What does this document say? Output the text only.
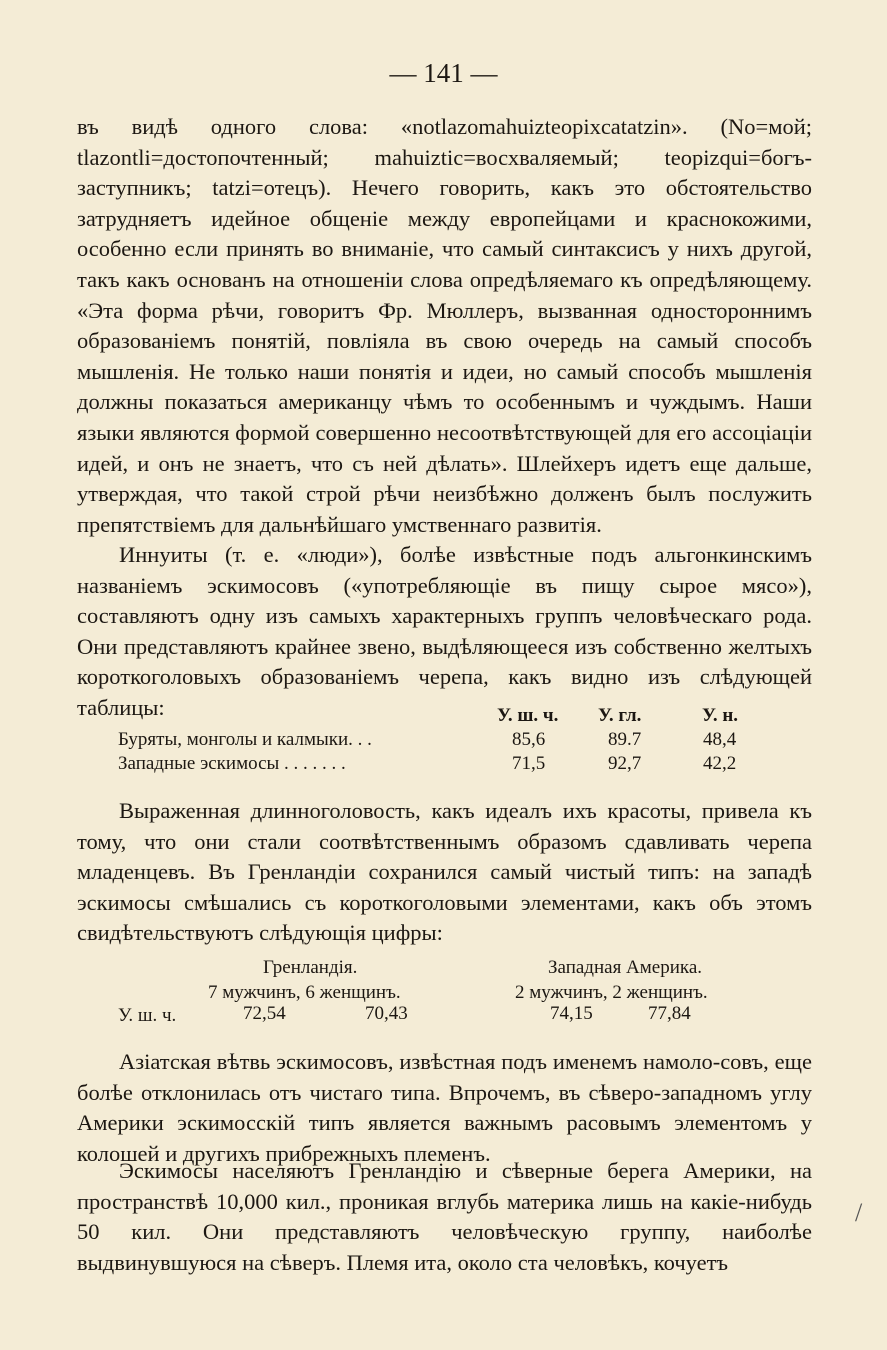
— 141 —

въ видѣ одного слова: «notlazomahuizteopixcatatzin». (No=мой; tlazontli=достопочтенный; mahuiztic=восхваляемый; teopizqui=богъ-заступникъ; tatzi=отецъ). Нечего говорить, какъ это обстоятельство затрудняетъ идейное общеніе между европейцами и краснокожими, особенно если принять во вниманіе, что самый синтаксисъ у нихъ другой, такъ какъ основанъ на отношеніи слова опредѣляемаго къ опредѣляющему. «Эта форма рѣчи, говоритъ Фр. Мюллеръ, вызванная одностороннимъ образованіемъ понятій, повліяла въ свою очередь на самый способъ мышленія. Не только наши понятія и идеи, но самый способъ мышленія должны показаться американцу чѣмъ то особеннымъ и чуждымъ. Наши языки являются формой совершенно несоотвѣтствующей для его ассоціаціи идей, и онъ не знаетъ, что съ ней дѣлать». Шлейхеръ идетъ еще дальше, утверждая, что такой строй рѣчи неизбѣжно долженъ былъ послужить препятствіемъ для дальнѣйшаго умственнаго развитія.

Иннуиты (т. е. «люди»), болѣе извѣстные подъ альгонкинскимъ названіемъ эскимосовъ («употребляющіе въ пищу сырое мясо»), составляютъ одну изъ самыхъ характерныхъ группъ человѣческаго рода. Они представляютъ крайнее звено, выдѣляющееся изъ собственно желтыхъ короткоголовыхъ образованіемъ черепа, какъ видно изъ слѣдующей таблицы:	У. ш. ч. У. гл.	У. н.
Буряты, монголы и калмыки. . .	85,6	89.7	48,4
Западные эскимосы . . . . . . .	71,5	92,7	42,2

Выраженная длинноголовость, какъ идеалъ ихъ красоты, привела къ тому, что они стали соотвѣтственнымъ образомъ сдавливать черепа младенцевъ. Въ Гренландіи сохранился самый чистый типъ: на западѣ эскимосы смѣшались съ короткоголовыми элементами, какъ объ этомъ свидѣтельствуютъ слѣдующія цифры:

Гренландія.	Западная Америка.
7 мужчинъ, 6 женщинъ.	2 мужчинъ, 2 женщинъ.
У. ш. ч.	72,54	70,43	74,15	77,84

Азіатская вѣтвь эскимосовъ, извѣстная подъ именемъ намоло-совъ, еще болѣе отклонилась отъ чистаго типа. Впрочемъ, въ сѣверо-западномъ углу Америки эскимосскій типъ является важнымъ расовымъ элементомъ у колошей и другихъ прибрежныхъ племенъ.

Эскимосы населяютъ Гренландію и сѣверные берега Америки, на пространствѣ 10,000 кил., проникая вглубь материка лишь на какіе-нибудь 50 кил. Они представляютъ человѣческую группу, наиболѣе выдвинувшуюся на сѣверъ. Племя ита, около ста человѣкъ, кочуетъ

/
